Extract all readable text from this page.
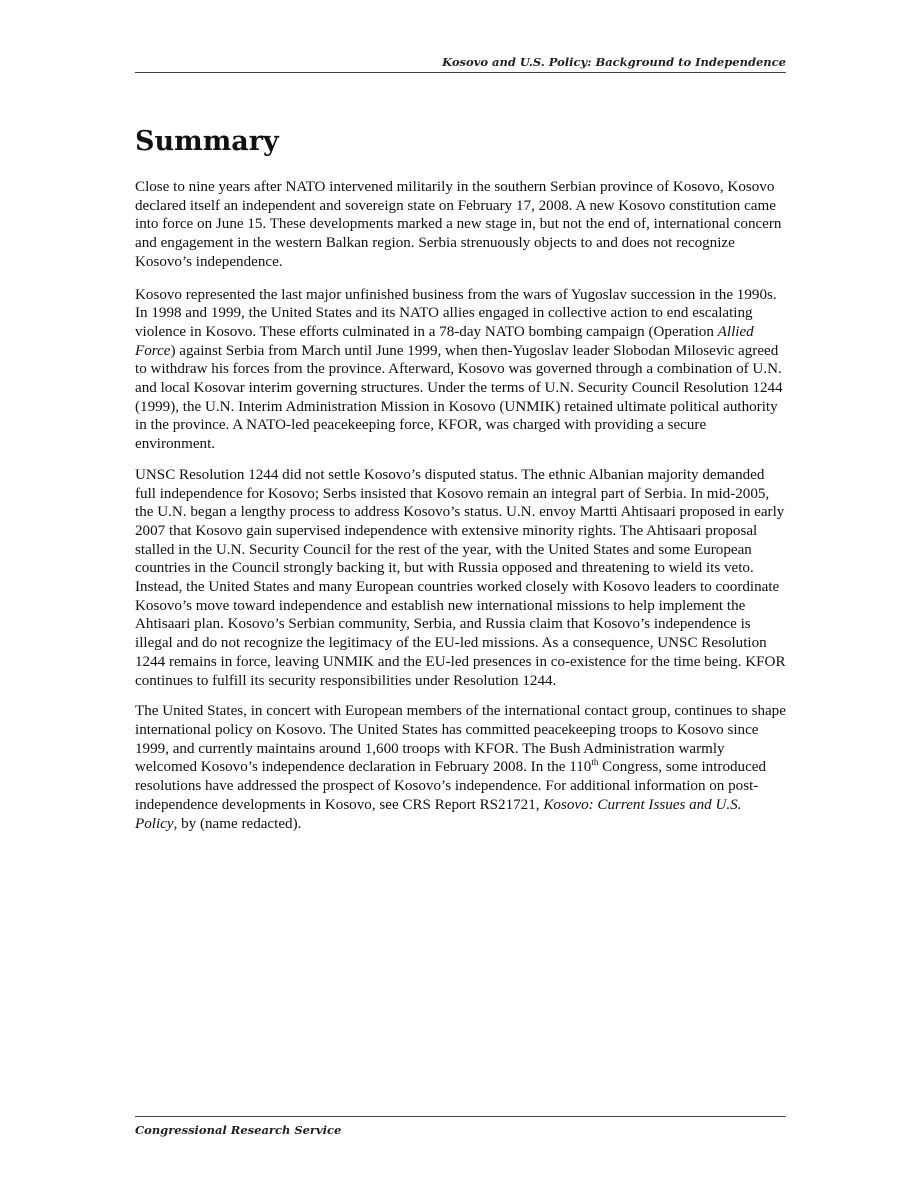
Kosovo and U.S. Policy: Background to Independence
Summary

Close to nine years after NATO intervened militarily in the southern Serbian province of Kosovo, Kosovo declared itself an independent and sovereign state on February 17, 2008. A new Kosovo constitution came into force on June 15. These developments marked a new stage in, but not the end of, international concern and engagement in the western Balkan region. Serbia strenuously objects to and does not recognize Kosovo’s independence.

Kosovo represented the last major unfinished business from the wars of Yugoslav succession in the 1990s. In 1998 and 1999, the United States and its NATO allies engaged in collective action to end escalating violence in Kosovo. These efforts culminated in a 78-day NATO bombing campaign (Operation Allied Force) against Serbia from March until June 1999, when then-Yugoslav leader Slobodan Milosevic agreed to withdraw his forces from the province. Afterward, Kosovo was governed through a combination of U.N. and local Kosovar interim governing structures. Under the terms of U.N. Security Council Resolution 1244 (1999), the U.N. Interim Administration Mission in Kosovo (UNMIK) retained ultimate political authority in the province. A NATO-led peacekeeping force, KFOR, was charged with providing a secure environment.

UNSC Resolution 1244 did not settle Kosovo’s disputed status. The ethnic Albanian majority demanded full independence for Kosovo; Serbs insisted that Kosovo remain an integral part of Serbia. In mid-2005, the U.N. began a lengthy process to address Kosovo’s status. U.N. envoy Martti Ahtisaari proposed in early 2007 that Kosovo gain supervised independence with extensive minority rights. The Ahtisaari proposal stalled in the U.N. Security Council for the rest of the year, with the United States and some European countries in the Council strongly backing it, but with Russia opposed and threatening to wield its veto. Instead, the United States and many European countries worked closely with Kosovo leaders to coordinate Kosovo’s move toward independence and establish new international missions to help implement the Ahtisaari plan. Kosovo’s Serbian community, Serbia, and Russia claim that Kosovo’s independence is illegal and do not recognize the legitimacy of the EU-led missions. As a consequence, UNSC Resolution 1244 remains in force, leaving UNMIK and the EU-led presences in co-existence for the time being. KFOR continues to fulfill its security responsibilities under Resolution 1244.

The United States, in concert with European members of the international contact group, continues to shape international policy on Kosovo. The United States has committed peacekeeping troops to Kosovo since 1999, and currently maintains around 1,600 troops with KFOR. The Bush Administration warmly welcomed Kosovo’s independence declaration in February 2008. In the 110th Congress, some introduced resolutions have addressed the prospect of Kosovo’s independence. For additional information on post-independence developments in Kosovo, see CRS Report RS21721, Kosovo: Current Issues and U.S. Policy, by (name redacted).

Congressional Research Service
